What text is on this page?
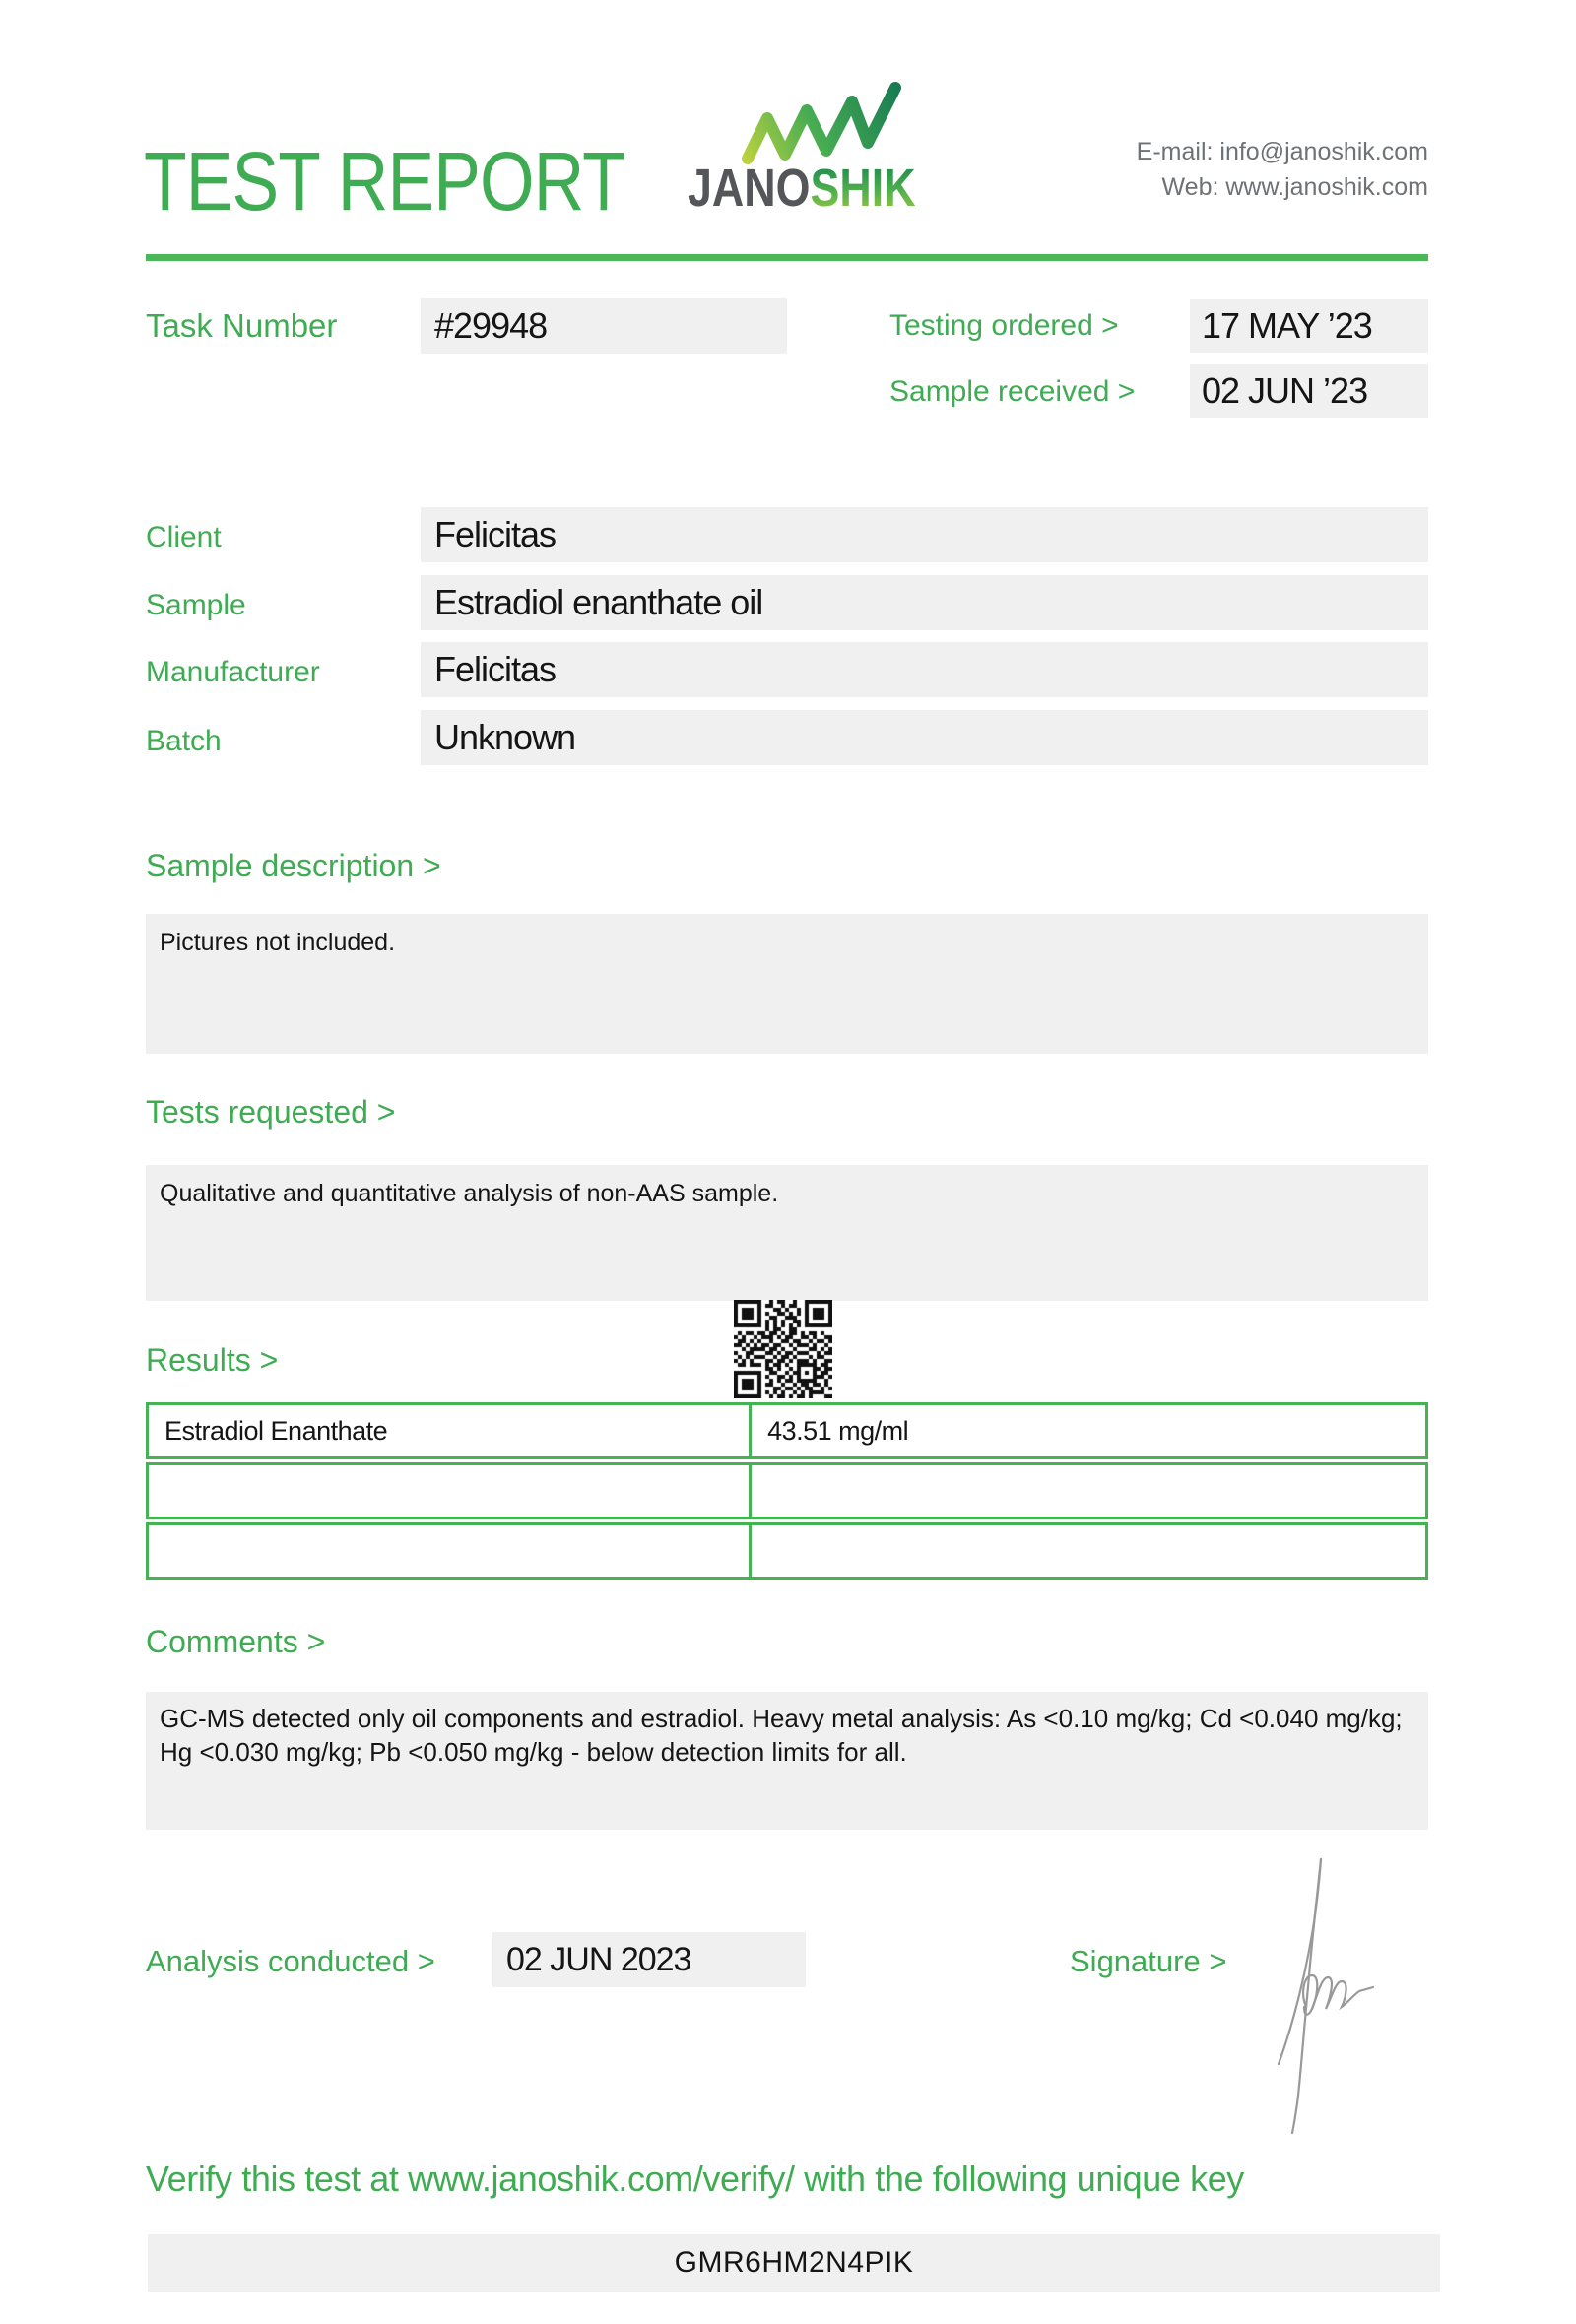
TEST REPORT JANOSHIK
E-mail: info@janoshik.com
Web: www.janoshik.com
Task Number	#29948	Testing ordered >	17 MAY ’23
Sample received >	02 JUN ’23
Client	Felicitas
Sample	Estradiol enanthate oil
Manufacturer	Felicitas
Batch	Unknown
Sample description >
Pictures not included.
Tests requested >
Qualitative and quantitative analysis of non-AAS sample.
Results >
Estradiol Enanthate	43.51 mg/ml
Comments >
GC-MS detected only oil components and estradiol. Heavy metal analysis: As <0.10 mg/kg; Cd <0.040 mg/kg; Hg <0.030 mg/kg; Pb <0.050 mg/kg - below detection limits for all.
Analysis conducted >	02 JUN 2023	Signature >
Verify this test at www.janoshik.com/verify/ with the following unique key
GMR6HM2N4PIK
